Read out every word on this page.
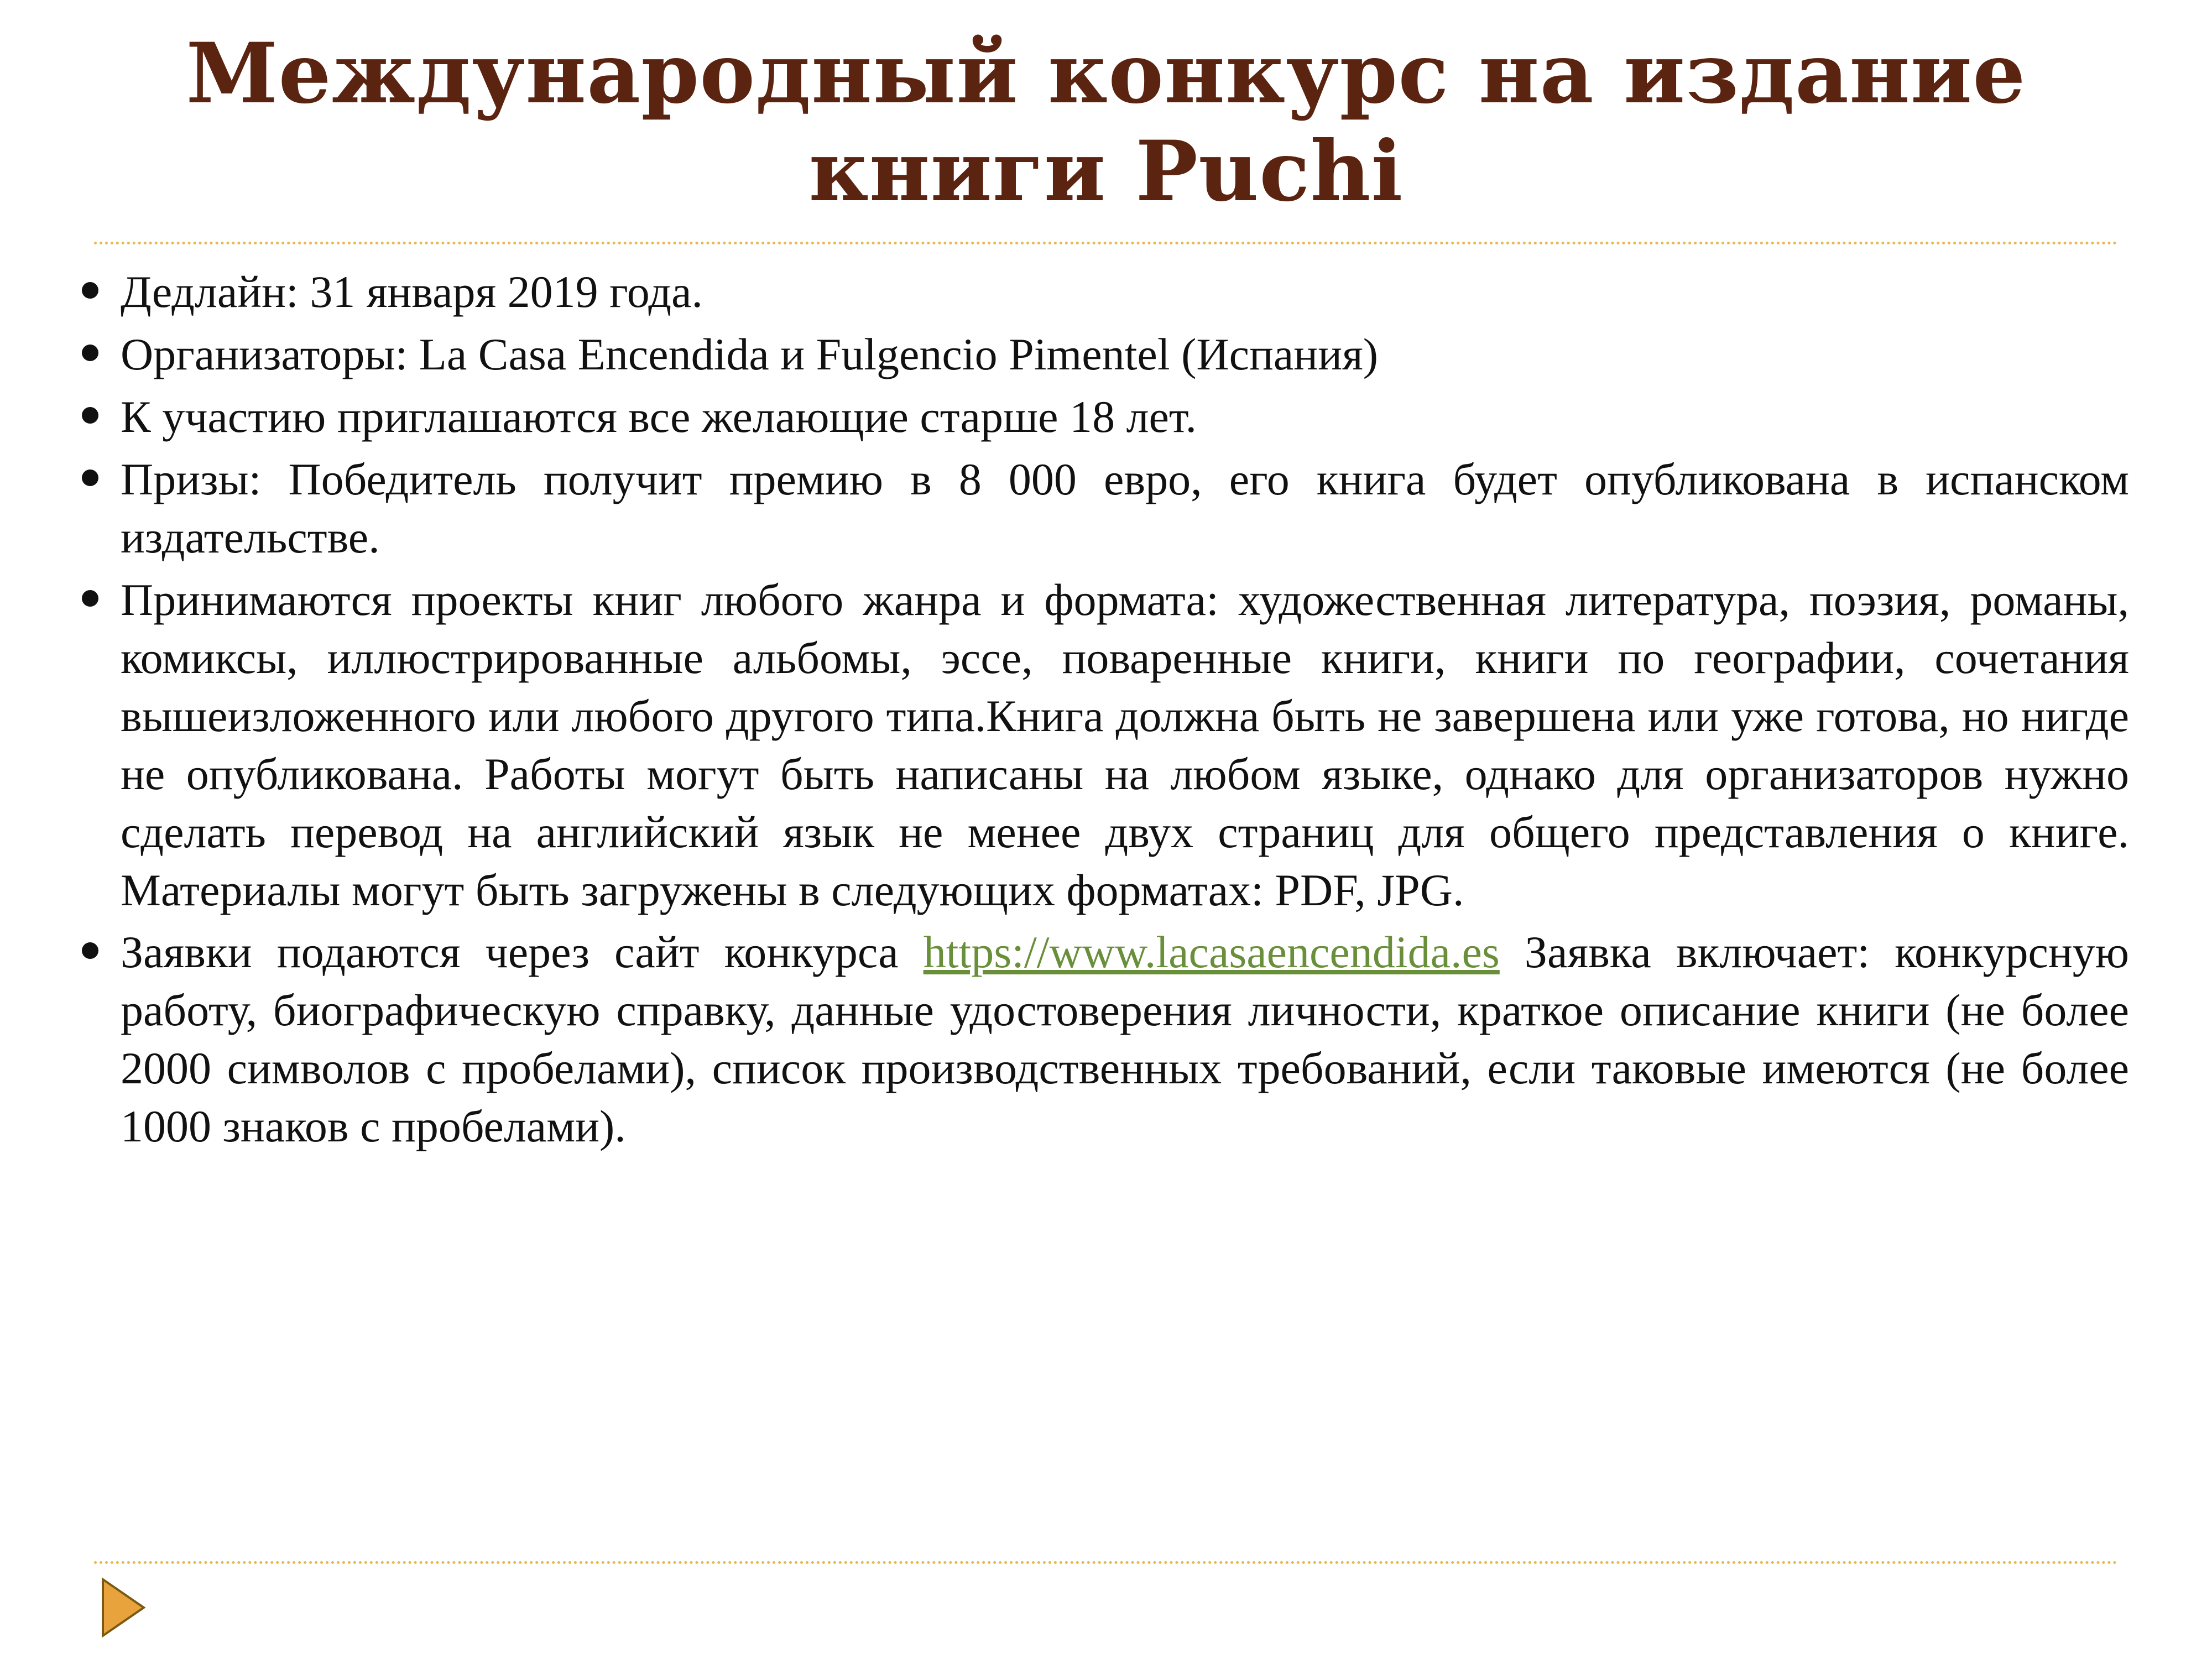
Международный конкурс на издание книги Puchi
Дедлайн: 31 января 2019 года.
Организаторы: La Casa Encendida и Fulgencio Pimentel (Испания)
К участию приглашаются все желающие старше 18 лет.
Призы: Победитель получит премию в 8 000 евро, его книга будет опубликована в испанском издательстве.
Принимаются проекты книг любого жанра и формата: художественная литература, поэзия, романы, комиксы, иллюстрированные альбомы, эссе, поваренные книги, книги по географии, сочетания вышеизложенного или любого другого типа.Книга должна быть не завершена или уже готова, но нигде не опубликована. Работы могут быть написаны на любом языке, однако для организаторов нужно сделать перевод на английский язык не менее двух страниц для общего представления о книге. Материалы могут быть загружены в следующих форматах: PDF, JPG.
Заявки подаются через сайт конкурса https://www.lacasaencendida.es Заявка включает: конкурсную работу, биографическую справку, данные удостоверения личности, краткое описание книги (не более 2000 символов с пробелами), список производственных требований, если таковые имеются (не более 1000 знаков с пробелами).
